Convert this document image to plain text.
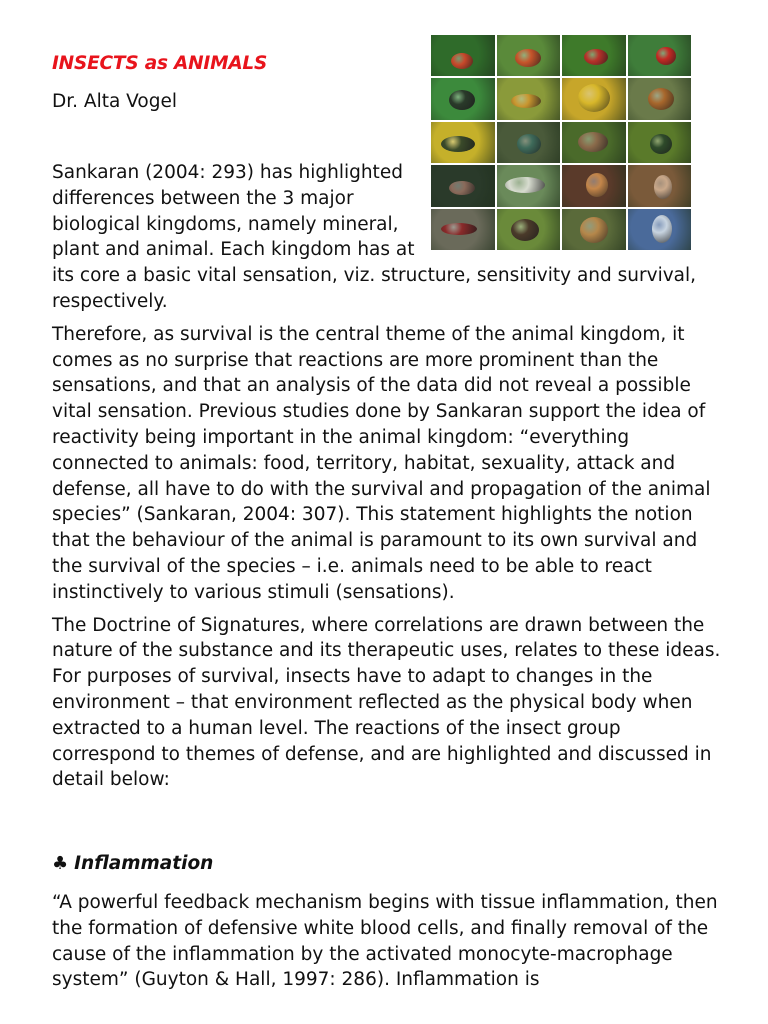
INSECTS as ANIMALS
Dr. Alta Vogel

Sankaran (2004: 293) has highlighted differences between the 3 major biological kingdoms, namely mineral, plant and animal. Each kingdom has at its core a basic vital sensation, viz. structure, sensitivity and survival, respectively.

Therefore, as survival is the central theme of the animal kingdom, it comes as no surprise that reactions are more prominent than the sensations, and that an analysis of the data did not reveal a possible vital sensation. Previous studies done by Sankaran support the idea of reactivity being important in the animal kingdom: “everything connected to animals: food, territory, habitat, sexuality, attack and defense, all have to do with the survival and propagation of the animal species” (Sankaran, 2004: 307). This statement highlights the notion that the behaviour of the animal is paramount to its own survival and the survival of the species – i.e. animals need to be able to react instinctively to various stimuli (sensations).

The Doctrine of Signatures, where correlations are drawn between the nature of the substance and its therapeutic uses, relates to these ideas. For purposes of survival, insects have to adapt to changes in the environment – that environment reflected as the physical body when extracted to a human level. The reactions of the insect group correspond to themes of defense, and are highlighted and discussed in detail below:

♣ Inflammation

“A powerful feedback mechanism begins with tissue inflammation, then the formation of defensive white blood cells, and finally removal of the cause of the inflammation by the activated monocyte-macrophage system” (Guyton & Hall, 1997: 286). Inflammation is
